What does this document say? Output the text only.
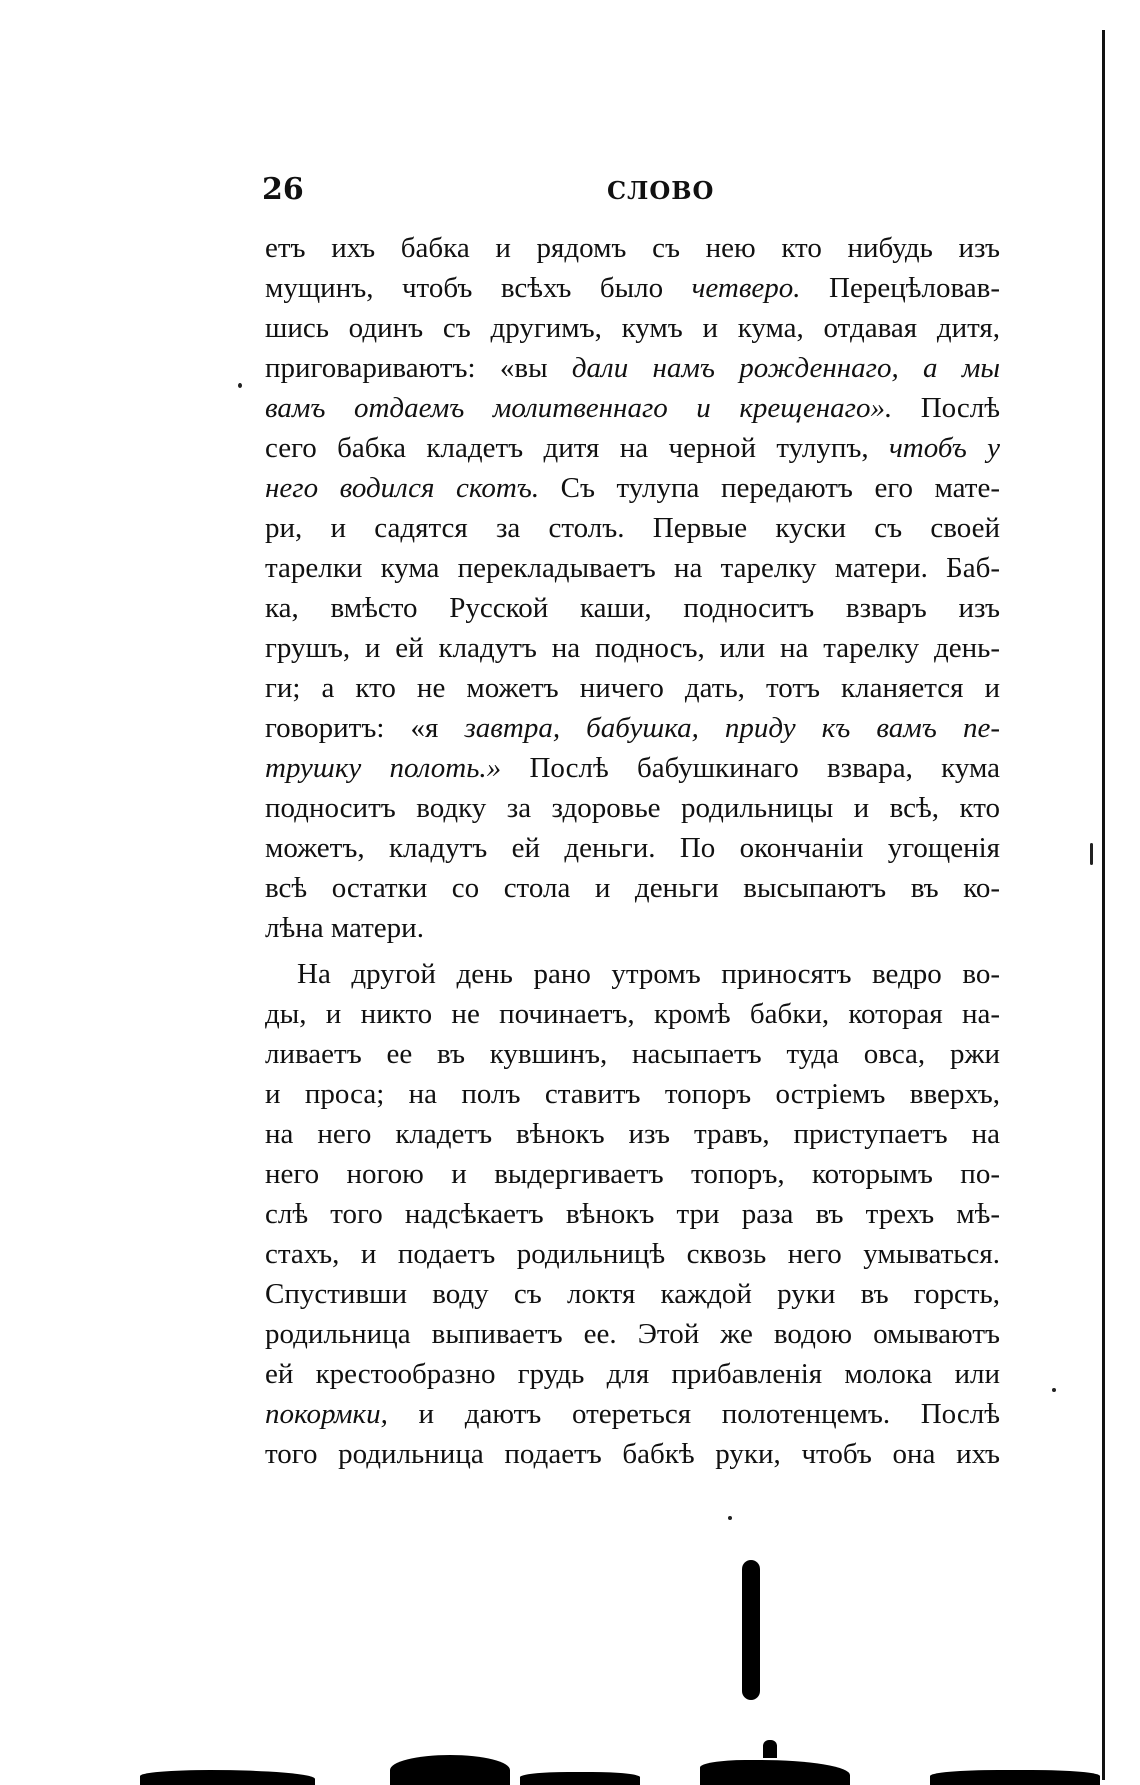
26	СЛОВО
етъ ихъ бабка и рядомъ съ нею кто нибудь изъ
мущинъ, чтобъ всѣхъ было четверо. Перецѣловав-
шись одинъ съ другимъ, кумъ и кума, отдавая дитя,
приговариваютъ: «вы дали намъ рожденнаго, а мы
вамъ отдаемъ молитвеннаго и крещенаго». Послѣ
сего бабка кладетъ дитя на черной тулупъ, чтобъ у
него водился скотъ. Съ тулупа передаютъ его мате-
ри, и садятся за столъ. Первые куски съ своей
тарелки кума перекладываетъ на тарелку матери. Баб-
ка, вмѣсто Русской каши, подноситъ взваръ изъ
грушъ, и ей кладутъ на подносъ, или на тарелку день-
ги; а кто не можетъ ничего дать, тотъ кланяется и
говоритъ: «я завтра, бабушка, приду къ вамъ пе-
трушку полоть.» Послѣ бабушкинаго взвара, кума
подноситъ водку за здоровье родильницы и всѣ, кто
можетъ, кладутъ ей деньги. По окончаніи угощенія
всѣ остатки со стола и деньги высыпаютъ въ ко-
лѣна матери.
На другой день рано утромъ приносятъ ведро во-
ды, и никто не починаетъ, кромѣ бабки, которая на-
ливаетъ ее въ кувшинъ, насыпаетъ туда овса, ржи
и проса; на полъ ставитъ топоръ остріемъ вверхъ,
на него кладетъ вѣнокъ изъ травъ, приступаетъ на
него ногою и выдергиваетъ топоръ, которымъ по-
слѣ того надсѣкаетъ вѣнокъ три раза въ трехъ мѣ-
стахъ, и подаетъ родильницѣ сквозь него умываться.
Спустивши воду съ локтя каждой руки въ горсть,
родильница выпиваетъ ее. Этой же водою омываютъ
ей крестообразно грудь для прибавленія молока или
покормки, и даютъ отереться полотенцемъ. Послѣ
того родильница подаетъ бабкѣ руки, чтобъ она ихъ
